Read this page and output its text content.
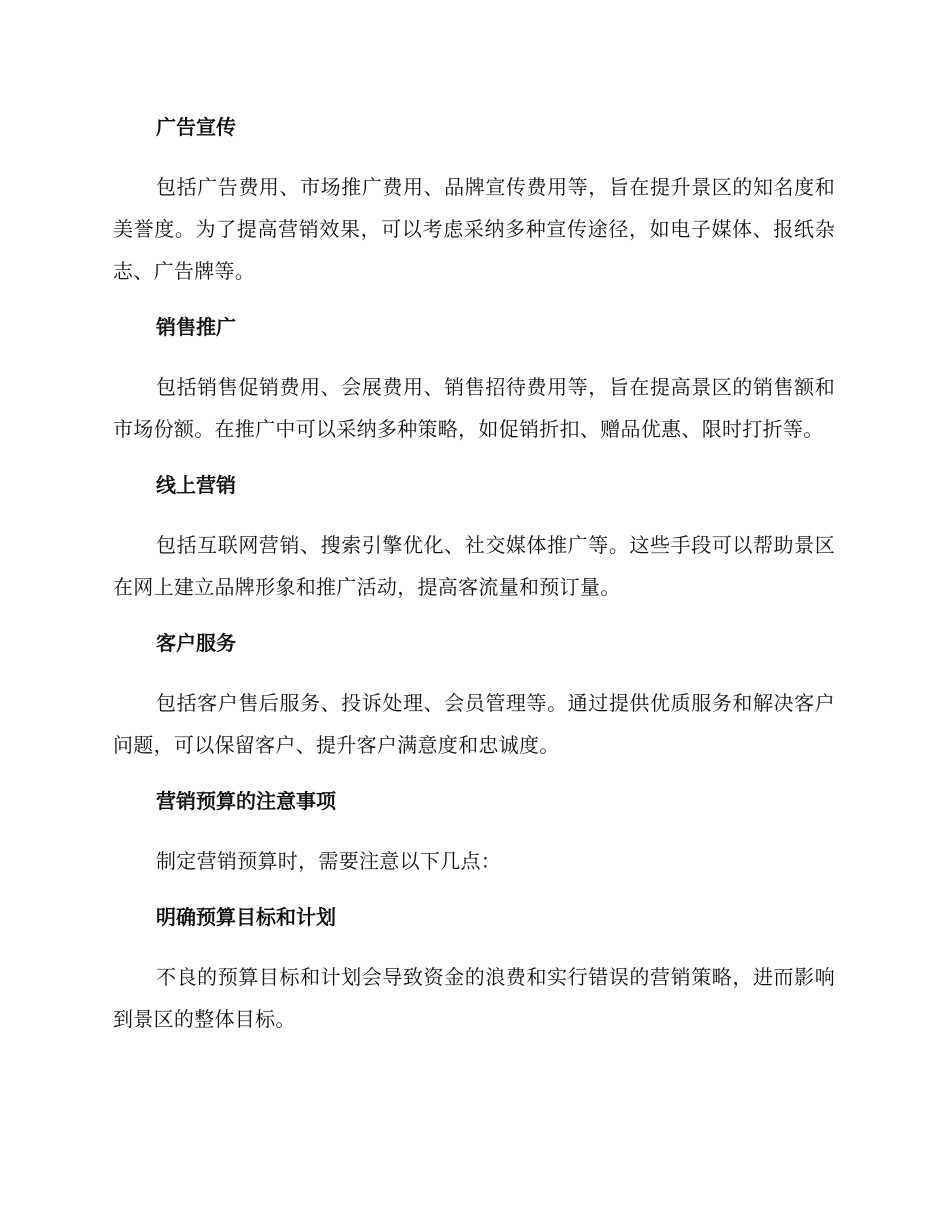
广告宣传

包括广告费用、市场推广费用、品牌宣传费用等，旨在提升景区的知名度和美誉度。为了提高营销效果，可以考虑采纳多种宣传途径，如电子媒体、报纸杂志、广告牌等。

销售推广

包括销售促销费用、会展费用、销售招待费用等，旨在提高景区的销售额和市场份额。在推广中可以采纳多种策略，如促销折扣、赠品优惠、限时打折等。

线上营销

包括互联网营销、搜索引擎优化、社交媒体推广等。这些手段可以帮助景区在网上建立品牌形象和推广活动，提高客流量和预订量。

客户服务

包括客户售后服务、投诉处理、会员管理等。通过提供优质服务和解决客户问题，可以保留客户、提升客户满意度和忠诚度。

营销预算的注意事项

制定营销预算时，需要注意以下几点：

明确预算目标和计划

不良的预算目标和计划会导致资金的浪费和实行错误的营销策略，进而影响到景区的整体目标。
